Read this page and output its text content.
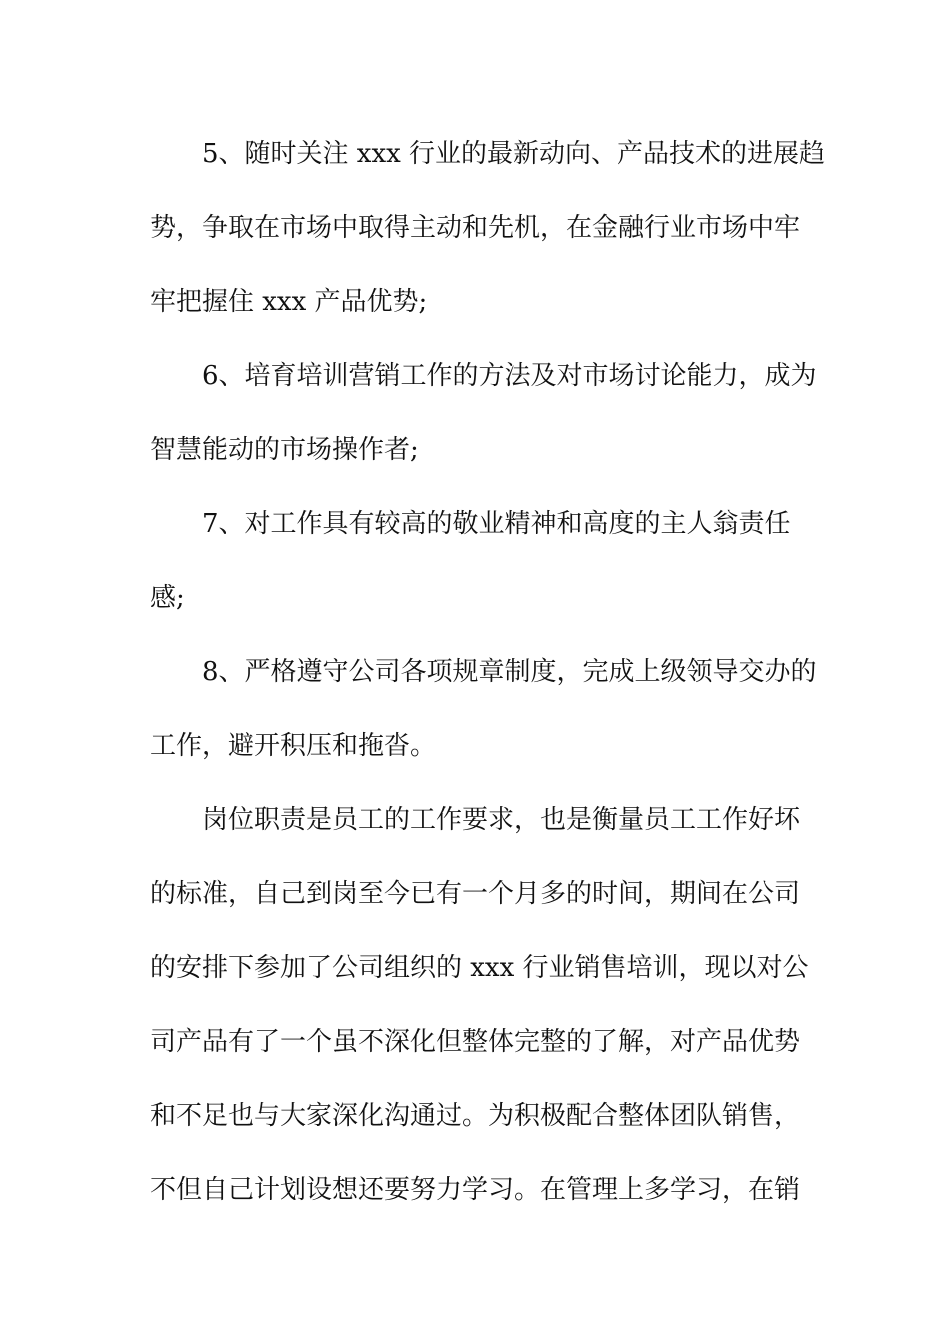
5、随时关注 xxx 行业的最新动向、产品技术的进展趋
势，争取在市场中取得主动和先机，在金融行业市场中牢
牢把握住 xxx 产品优势;
6、培育培训营销工作的方法及对市场讨论能力，成为
智慧能动的市场操作者;
7、对工作具有较高的敬业精神和高度的主人翁责任
感;
8、严格遵守公司各项规章制度，完成上级领导交办的
工作，避开积压和拖沓。
岗位职责是员工的工作要求，也是衡量员工工作好坏
的标准，自己到岗至今已有一个月多的时间，期间在公司
的安排下参加了公司组织的 xxx 行业销售培训，现以对公
司产品有了一个虽不深化但整体完整的了解，对产品优势
和不足也与大家深化沟通过。为积极配合整体团队销售，
不但自己计划设想还要努力学习。在管理上多学习，在销
